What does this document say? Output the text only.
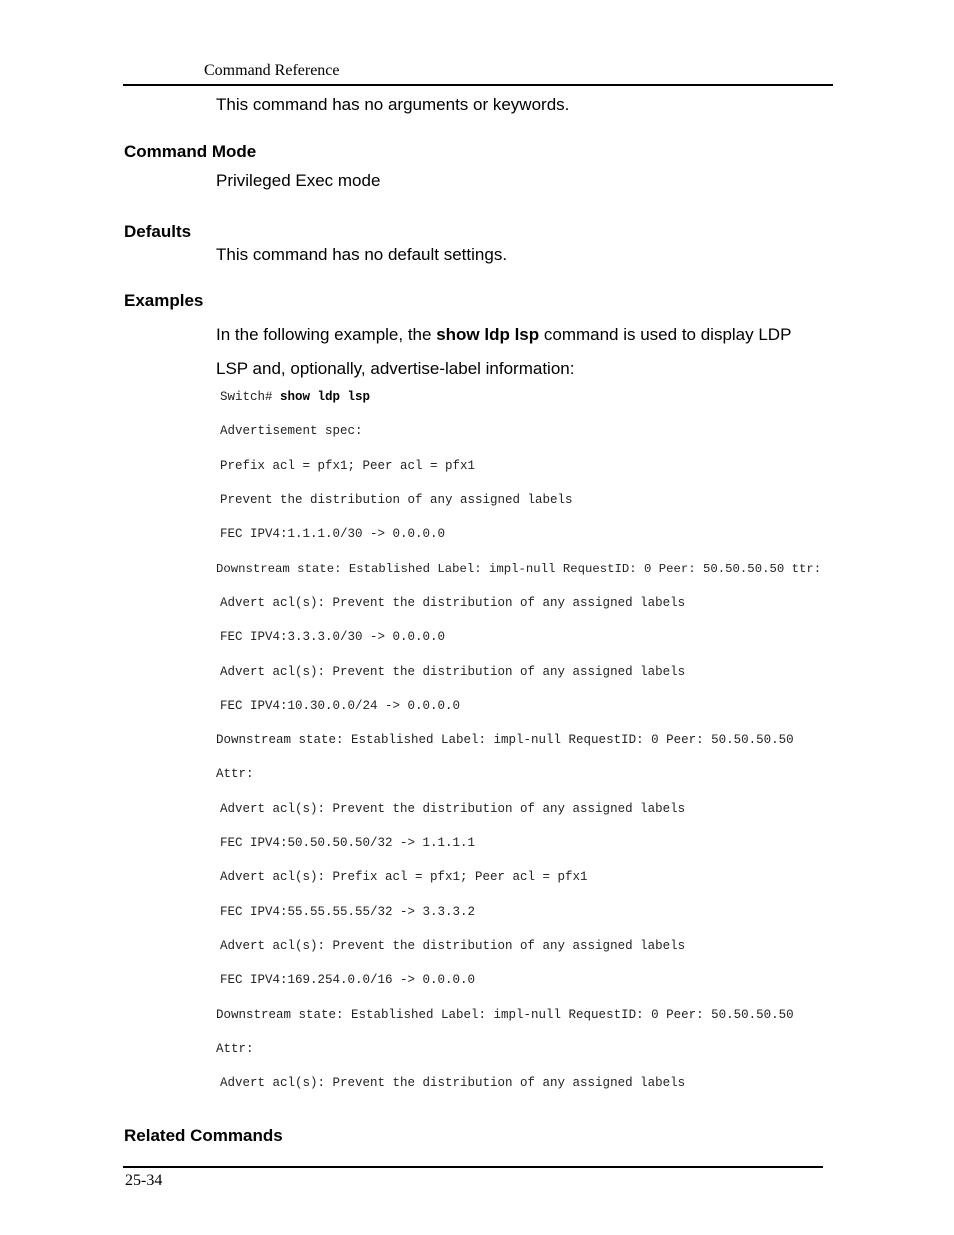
Command Reference
This command has no arguments or keywords.
Command Mode
Privileged Exec mode
Defaults
This command has no default settings.
Examples
In the following example, the show ldp lsp command is used to display LDP LSP and, optionally, advertise-label information:
Switch# show ldp lsp
Advertisement spec:
Prefix acl = pfx1; Peer acl = pfx1
Prevent the distribution of any assigned labels
FEC IPV4:1.1.1.0/30 -> 0.0.0.0
Downstream state: Established Label: impl-null RequestID: 0 Peer: 50.50.50.50 ttr:
Advert acl(s): Prevent the distribution of any assigned labels
FEC IPV4:3.3.3.0/30 -> 0.0.0.0
Advert acl(s): Prevent the distribution of any assigned labels
FEC IPV4:10.30.0.0/24 -> 0.0.0.0
Downstream state: Established Label: impl-null RequestID: 0 Peer: 50.50.50.50
Attr:
Advert acl(s): Prevent the distribution of any assigned labels
FEC IPV4:50.50.50.50/32 -> 1.1.1.1
Advert acl(s): Prefix acl = pfx1; Peer acl = pfx1
FEC IPV4:55.55.55.55/32 -> 3.3.3.2
Advert acl(s): Prevent the distribution of any assigned labels
FEC IPV4:169.254.0.0/16 -> 0.0.0.0
Downstream state: Established Label: impl-null RequestID: 0 Peer: 50.50.50.50
Attr:
Advert acl(s): Prevent the distribution of any assigned labels
Related Commands
25-34
